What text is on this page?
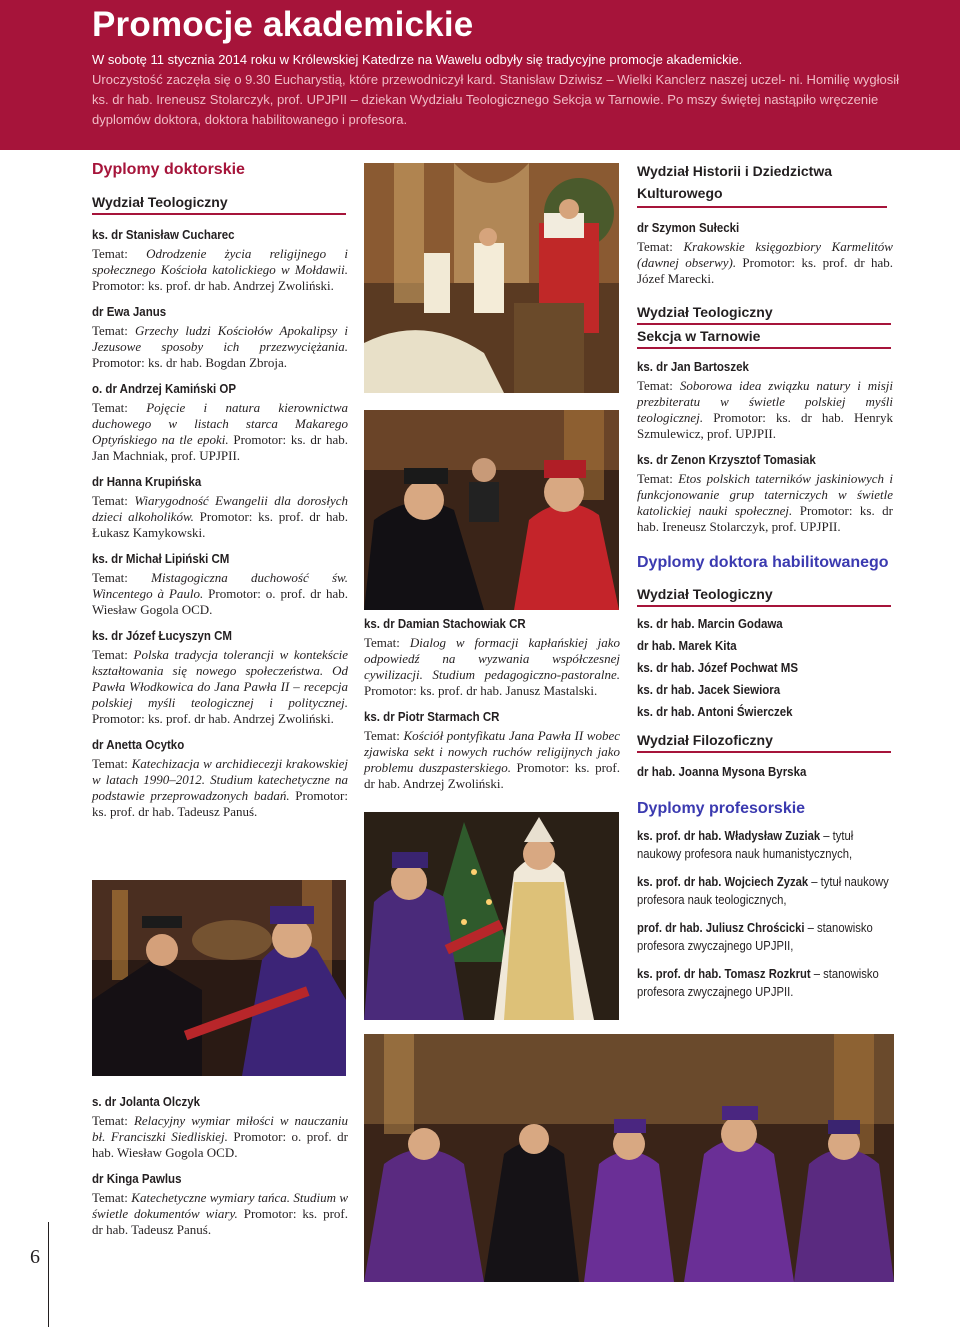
Promocje akademickie

W sobotę 11 stycznia 2014 roku w Królewskiej Katedrze na Wawelu odbyły się tradycyjne promocje akademickie.
Uroczystość zaczęła się o 9.30 Eucharystią, które przewodniczył kard. Stanisław Dziwisz – Wielki Kanclerz naszej uczel- ni. Homilię wygłosił ks. dr hab. Ireneusz Stolarczyk, prof. UPJPII – dziekan Wydziału Teologicznego Sekcja w Tarnowie. Po mszy świętej nastąpiło wręczenie dyplomów doktora, doktora habilitowanego i profesora.

Dyplomy doktorskie
Wydział Teologiczny
ks. dr Stanisław Cucharec
Temat: Odrodzenie życia religijnego i społecznego Kościoła katolickiego w Mołdawii. Promotor: ks. prof. dr hab. Andrzej Zwoliński.
dr Ewa Janus
Temat: Grzechy ludzi Kościołów Apokalipsy i Jezusowe sposoby ich przezwyciężania. Promotor: ks. dr hab. Bogdan Zbroja.
o. dr Andrzej Kamiński OP
Temat: Pojęcie i natura kierownictwa duchowego w listach starca Makarego Optyńskiego na tle epoki. Promotor: ks. dr hab. Jan Machniak, prof. UPJPII.
dr Hanna Krupińska
Temat: Wiarygodność Ewangelii dla dorosłych dzieci alkoholików. Promotor: ks. prof. dr hab. Łukasz Kamykowski.
ks. dr Michał Lipiński CM
Temat: Mistagogiczna duchowość św. Wincentego à Paulo. Promotor: o. prof. dr hab. Wiesław Gogola OCD.
ks. dr Józef Łucyszyn CM
Temat: Polska tradycja tolerancji w kontekście kształtowania się nowego społeczeństwa. Od Pawła Włodkowica do Jana Pawła II – recepcja polskiej myśli teologicznej i politycznej. Promotor: ks. prof. dr hab. Andrzej Zwoliński.
dr Anetta Ocytko
Temat: Katechizacja w archidiecezji krakowskiej w latach 1990–2012. Studium katechetyczne na podstawie przeprowadzonych badań. Promotor: ks. prof. dr hab. Tadeusz Panuś.
s. dr Jolanta Olczyk
Temat: Relacyjny wymiar miłości w nauczaniu bł. Franciszki Siedliskiej. Promotor: o. prof. dr hab. Wiesław Gogola OCD.
dr Kinga Pawlus
Temat: Katechetyczne wymiary tańca. Studium w świetle dokumentów wiary. Promotor: ks. prof. dr hab. Tadeusz Panuś.
ks. dr Damian Stachowiak CR
Temat: Dialog w formacji kapłańskiej jako odpowiedź na wyzwania współczesnej cywilizacji. Studium pedagogiczno-pastoralne. Promotor: ks. prof. dr hab. Janusz Mastalski.
ks. dr Piotr Starmach CR
Temat: Kościół pontyfikatu Jana Pawła II wobec zjawiska sekt i nowych ruchów religijnych jako problemu duszpasterskiego. Promotor: ks. prof. dr hab. Andrzej Zwoliński.
Wydział Historii i Dziedzictwa Kulturowego
dr Szymon Sułecki
Temat: Krakowskie księgozbiory Karmelitów (dawnej obserwy). Promotor: ks. prof. dr hab. Józef Marecki.
Wydział Teologiczny
Sekcja w Tarnowie
ks. dr Jan Bartoszek
Temat: Soborowa idea związku natury i misji prezbiteratu w świetle polskiej myśli teologicznej. Promotor: ks. dr hab. Henryk Szmulewicz, prof. UPJPII.
ks. dr Zenon Krzysztof Tomasiak
Temat: Etos polskich taterników jaskiniowych i funkcjonowanie grup taterniczych w świetle katolickiej nauki społecznej. Promotor: ks. dr hab. Ireneusz Stolarczyk, prof. UPJPII.
Dyplomy doktora habilitowanego
Wydział Teologiczny
ks. dr hab. Marcin Godawa
dr hab. Marek Kita
ks. dr hab. Józef Pochwat MS
ks. dr hab. Jacek Siewiora
ks. dr hab. Antoni Świerczek
Wydział Filozoficzny
dr hab. Joanna Mysona Byrska
Dyplomy profesorskie
ks. prof. dr hab. Władysław Zuziak – tytuł naukowy profesora nauk humanistycznych,
ks. prof. dr hab. Wojciech Zyzak – tytuł naukowy profesora nauk teologicznych,
prof. dr hab. Juliusz Chrościcki – stanowisko profesora zwyczajnego UPJPII,
ks. prof. dr hab. Tomasz Rozkrut – stanowisko profesora zwyczajnego UPJPII.
6
